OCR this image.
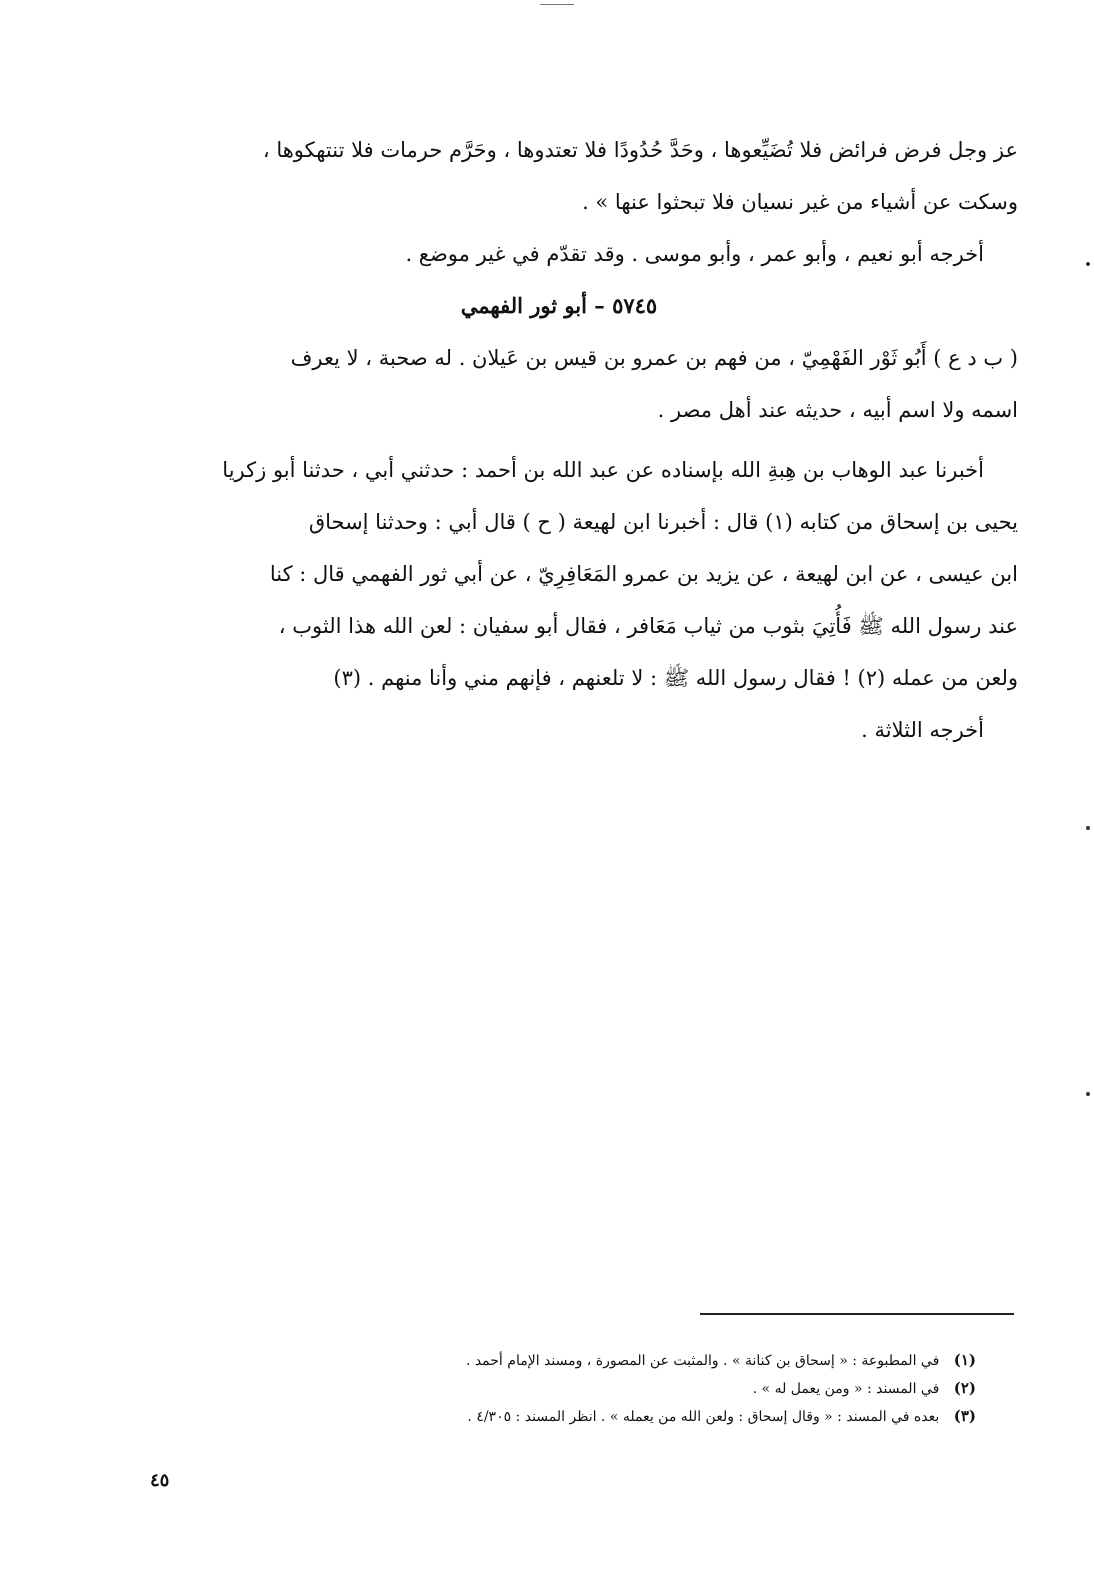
عز وجل فرض فرائض فلا تُضَيِّعوها ، وحَدَّ حُدُودًا فلا تعتدوها ، وحَرَّم حرمات فلا تنتهكوها ،
وسكت عن أشياء من غير نسيان فلا تبحثوا عنها » .
أخرجه أبو نعيم ، وأبو عمر ، وأبو موسى . وقد تقدّم في غير موضع .
٥٧٤٥ – أبو ثور الفهمي
( ب د ع ) أَبُو ثَوْر الفَهْمِيّ ، من فهم بن عمرو بن قيس بن عَيلان . له صحبة ، لا يعرف
اسمه ولا اسم أبيه ، حديثه عند أهل مصر .
أخبرنا عبد الوهاب بن هِبةِ الله بإسناده عن عبد الله بن أحمد : حدثني أبي ، حدثنا أبو زكريا
يحيى بن إسحاق من كتابه (١) قال : أخبرنا ابن لهيعة ( ح ) قال أبي : وحدثنا إسحاق
ابن عيسى ، عن ابن لهيعة ، عن يزيد بن عمرو المَعَافِرِيّ ، عن أبي ثور الفهمي قال : كنا
عند رسول الله ﷺ فَأُتِيَ بثوب من ثياب مَعَافر ، فقال أبو سفيان : لعن الله هذا الثوب ،
ولعن من عمله (٢) ! فقال رسول الله ﷺ : لا تلعنهم ، فإنهم مني وأنا منهم . (٣)
أخرجه الثلاثة .
(١) في المطبوعة : « إسحاق بن كنانة » . والمثبت عن المصورة ، ومسند الإمام أحمد .
(٢) في المسند : « ومن يعمل له » .
(٣) بعده في المسند : « وقال إسحاق : ولعن الله من يعمله » . انظر المسند : ٤/٣٠٥ .
٤٥
